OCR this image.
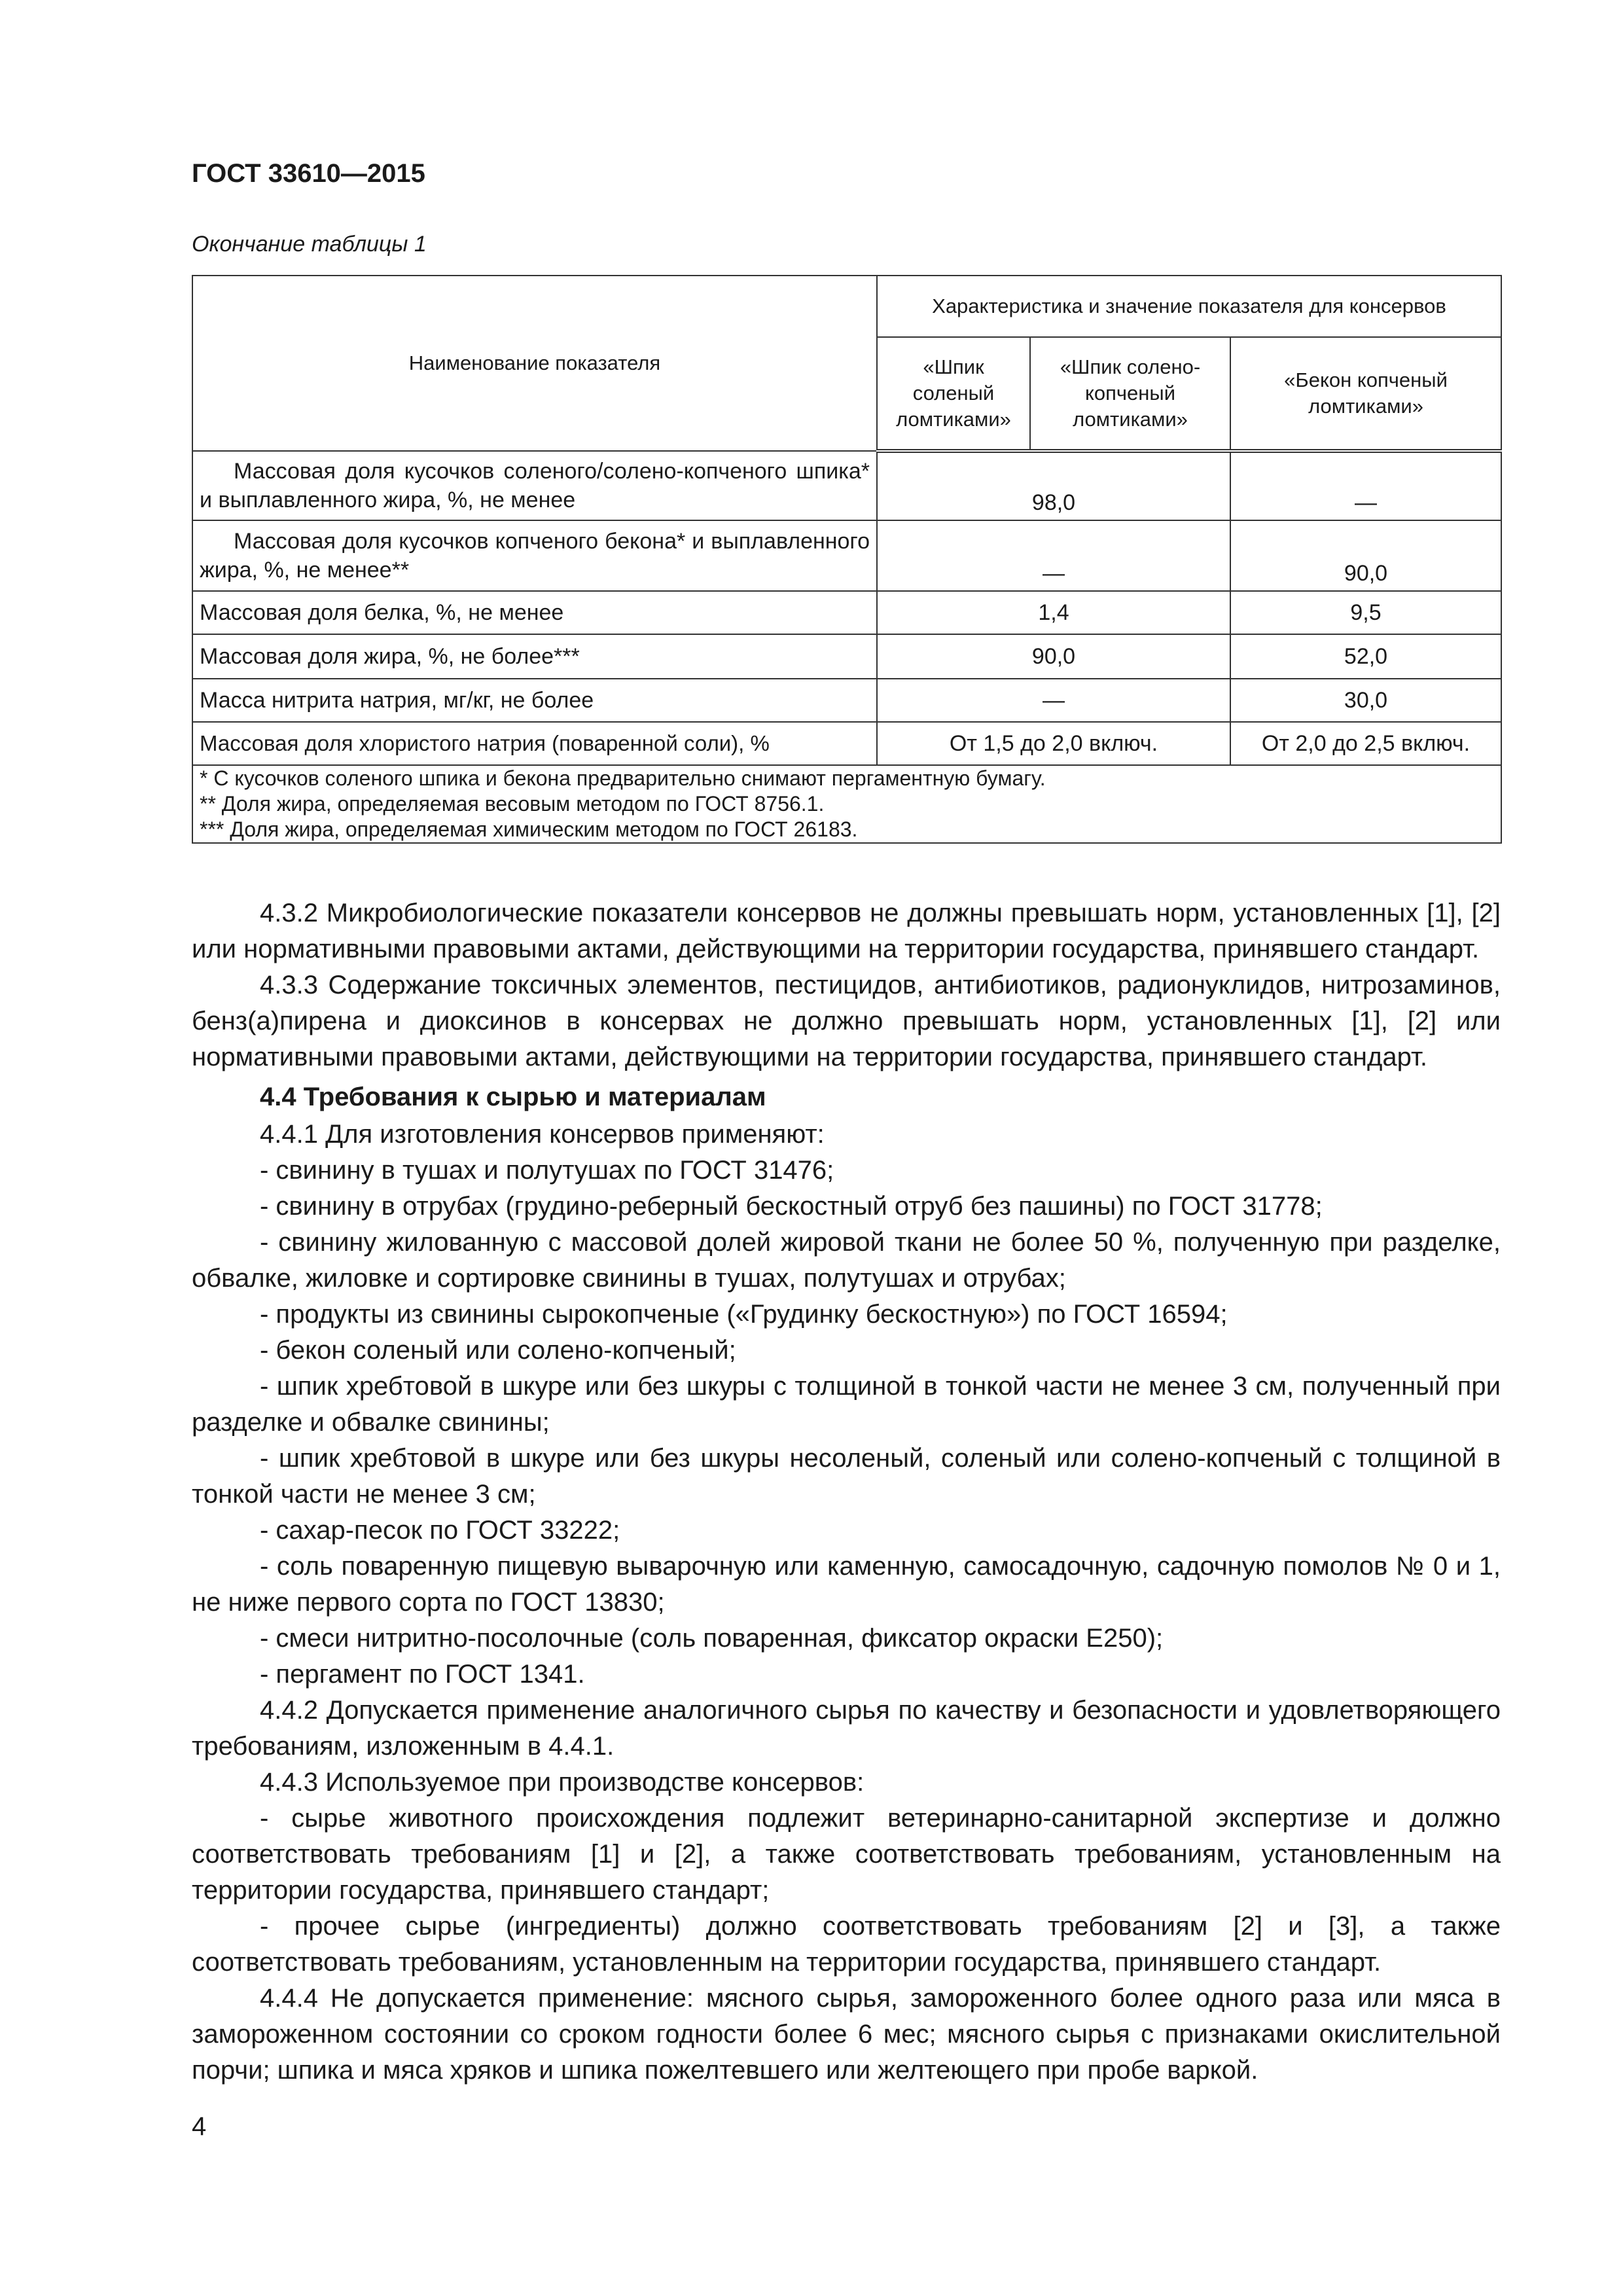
ГОСТ 33610—2015
Окончание таблицы 1
Наименование показателя	Характеристика и значение показателя для консервов		
	«Шпик соленый ломтиками»	«Шпик солено-копченый ломтиками»	«Бекон копченый ломтиками»
Массовая доля кусочков соленого/солено-копченого шпика* и выплавленного жира, %, не менее	98,0		—
Массовая доля кусочков копченого бекона* и выплавленного жира, %, не менее**	—		90,0
Массовая доля белка, %, не менее	1,4		9,5
Массовая доля жира, %, не более***	90,0		52,0
Масса нитрита натрия, мг/кг, не более	—		30,0
Массовая доля хлористого натрия (поваренной соли), %	От 1,5 до 2,0 включ.		От 2,0 до 2,5 включ.

* С кусочков соленого шпика и бекона предварительно снимают пергаментную бумагу.
** Доля жира, определяемая весовым методом по ГОСТ 8756.1.
*** Доля жира, определяемая химическим методом по ГОСТ 26183.			

4.3.2 Микробиологические показатели консервов не должны превышать норм, установленных [1], [2] или нормативными правовыми актами, действующими на территории государства, принявшего стандарт.

4.3.3 Содержание токсичных элементов, пестицидов, антибиотиков, радионуклидов, нитрозаминов, бенз(а)пирена и диоксинов в консервах не должно превышать норм, установленных [1], [2] или нормативными правовыми актами, действующими на территории государства, принявшего стандарт.

4.4 Требования к сырью и материалам

4.4.1 Для изготовления консервов применяют:

- свинину в тушах и полутушах по ГОСТ 31476;

- свинину в отрубах (грудино-реберный бескостный отруб без пашины) по ГОСТ 31778;

- свинину жилованную с массовой долей жировой ткани не более 50 %, полученную при разделке, обвалке, жиловке и сортировке свинины в тушах, полутушах и отрубах;

- продукты из свинины сырокопченые («Грудинку бескостную») по ГОСТ 16594;

- бекон соленый или солено-копченый;

- шпик хребтовой в шкуре или без шкуры с толщиной в тонкой части не менее 3 см, полученный при разделке и обвалке свинины;

- шпик хребтовой в шкуре или без шкуры несоленый, соленый или солено-копченый с толщиной в тонкой части не менее 3 см;

- сахар-песок по ГОСТ 33222;

- соль поваренную пищевую выварочную или каменную, самосадочную, садочную помолов № 0 и 1, не ниже первого сорта по ГОСТ 13830;

- смеси нитритно-посолочные (соль поваренная, фиксатор окраски Е250);

- пергамент по ГОСТ 1341.

4.4.2 Допускается применение аналогичного сырья по качеству и безопасности и удовлетворяющего требованиям, изложенным в 4.4.1.

4.4.3 Используемое при производстве консервов:

- сырье животного происхождения подлежит ветеринарно-санитарной экспертизе и должно соответствовать требованиям [1] и [2], а также соответствовать требованиям, установленным на территории государства, принявшего стандарт;

- прочее сырье (ингредиенты) должно соответствовать требованиям [2] и [3], а также соответствовать требованиям, установленным на территории государства, принявшего стандарт.

4.4.4 Не допускается применение: мясного сырья, замороженного более одного раза или мяса в замороженном состоянии со сроком годности более 6 мес; мясного сырья с признаками окислительной порчи; шпика и мяса хряков и шпика пожелтевшего или желтеющего при пробе варкой.

4
